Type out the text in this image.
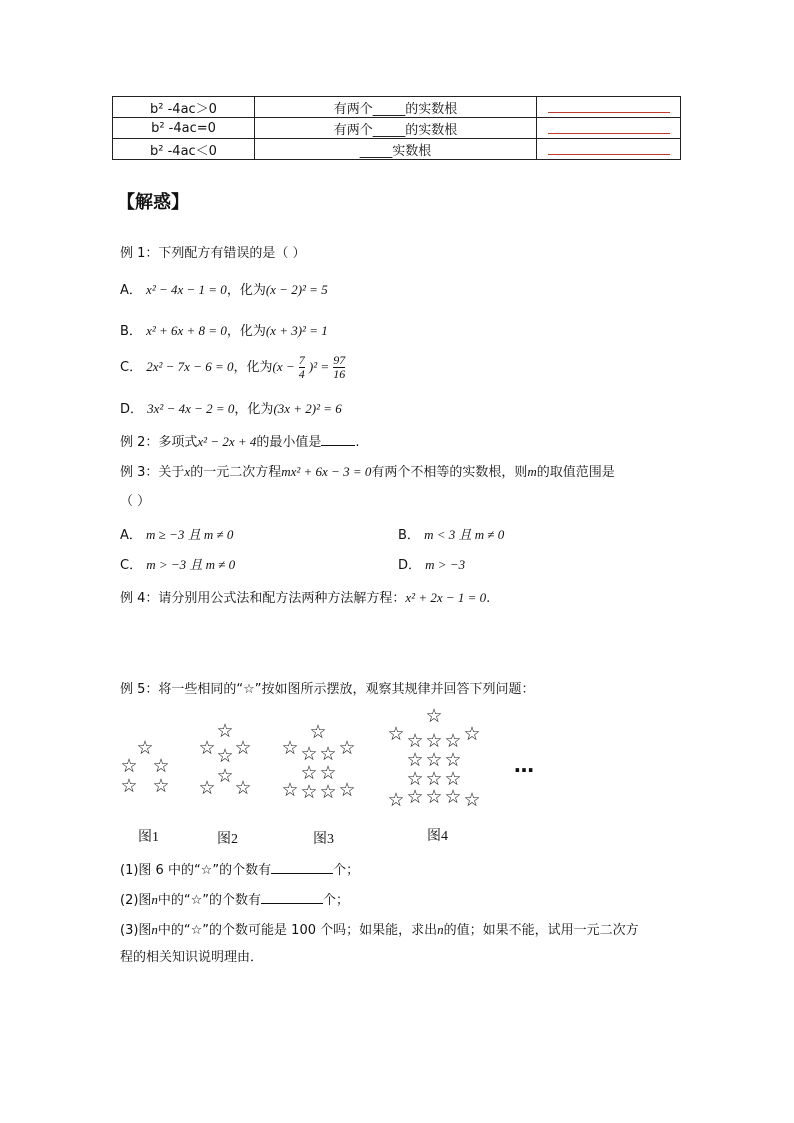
b² -4ac＞0	有两个_____的实数根	
b² -4ac=0	有两个_____的实数根	
b² -4ac＜0	_____实数根	
【解惑】
例 1：下列配方有错误的是（ ）
A． x² − 4x − 1 = 0，化为(x − 2)² = 5
B． x² + 6x + 8 = 0，化为(x + 3)² = 1
C． 2x² − 7x − 6 = 0，化为$(x - \frac{7}{4} )^2 = \frac{97}{16}$
D． 3x² − 4x − 2 = 0，化为(3x + 2)² = 6
例 2：多项式x² − 2x + 4的最小值是	.
例 3：关于x的一元二次方程mx² + 6x − 3 = 0有两个不相等的实数根，则m的取值范围是
（ ）
A． m ≥ −3 且 m ≠ 0	B． m < 3 且 m ≠ 0
C． m > −3 且 m ≠ 0	D． m > −3
例 4：请分别用公式法和配方法两种方法解方程：x² + 2x − 1 = 0.
例 5：将一些相同的“☆”按如图所示摆放，观察其规律并回答下列问题：
☆
☆ ☆
☆ ☆
☆
☆ ☆
☆
☆
☆ ☆
☆
☆ ☆ ☆ ☆
☆ ☆
☆ ☆ ☆ ☆
☆
☆ ☆ ☆ ☆ ☆
☆ ☆ ☆
☆ ☆ ☆
☆ ☆ ☆ ☆ ☆
…
图1	图2	图3	图4
(1)图 6 中的“☆”的个数有	个；
(2)图n中的“☆”的个数有	个；
(3)图n中的“☆”的个数可能是 100 个吗；如果能，求出n的值；如果不能，试用一元二次方
程的相关知识说明理由．
